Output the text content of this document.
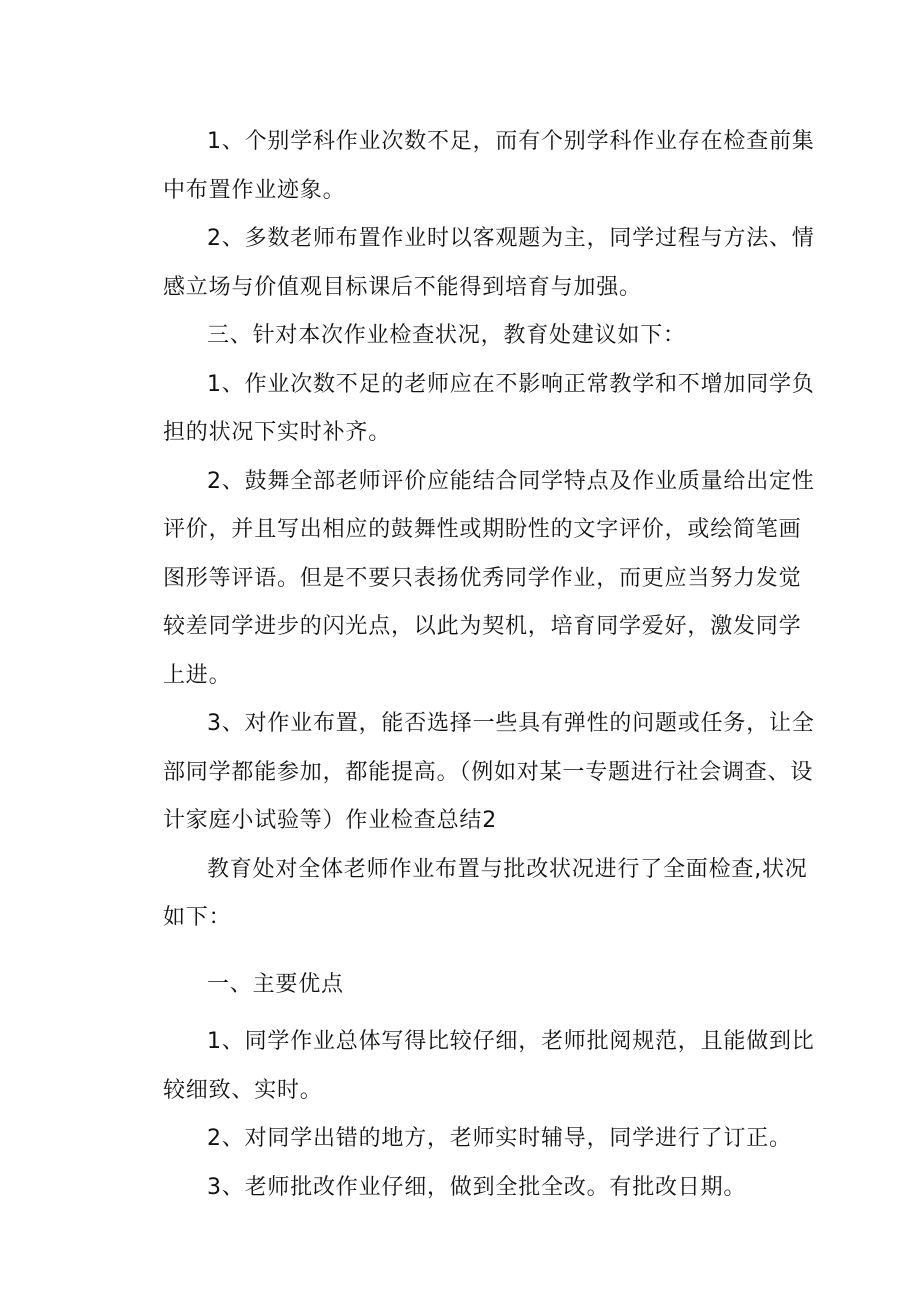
1、个别学科作业次数不足，而有个别学科作业存在检查前集中布置作业迹象。

2、多数老师布置作业时以客观题为主，同学过程与方法、情感立场与价值观目标课后不能得到培育与加强。

三、针对本次作业检查状况，教育处建议如下：

1、作业次数不足的老师应在不影响正常教学和不增加同学负担的状况下实时补齐。

2、鼓舞全部老师评价应能结合同学特点及作业质量给出定性评价，并且写出相应的鼓舞性或期盼性的文字评价，或绘简笔画图形等评语。但是不要只表扬优秀同学作业，而更应当努力发觉较差同学进步的闪光点，以此为契机，培育同学爱好，激发同学上进。

3、对作业布置，能否选择一些具有弹性的问题或任务，让全部同学都能参加，都能提高。（例如对某一专题进行社会调查、设计家庭小试验等）作业检查总结2

教育处对全体老师作业布置与批改状况进行了全面检查,状况如下：

一、主要优点

1、同学作业总体写得比较仔细，老师批阅规范，且能做到比较细致、实时。

2、对同学出错的地方，老师实时辅导，同学进行了订正。

3、老师批改作业仔细，做到全批全改。有批改日期。
